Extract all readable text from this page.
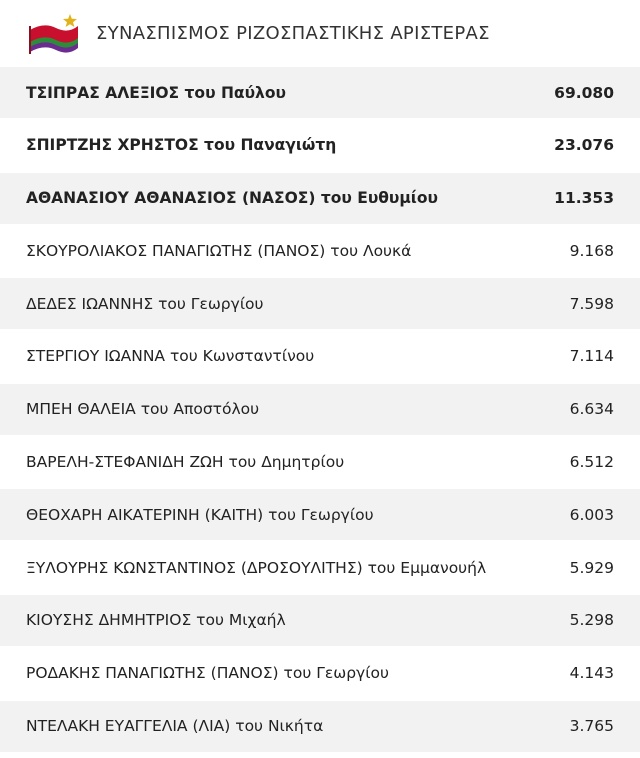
ΣΥΝΑΣΠΙΣΜΟΣ ΡΙΖΟΣΠΑΣΤΙΚΗΣ ΑΡΙΣΤΕΡΑΣ
ΤΣΙΠΡΑΣ ΑΛΕΞΙΟΣ του Παύλου	69.080
ΣΠΙΡΤΖΗΣ ΧΡΗΣΤΟΣ του Παναγιώτη	23.076
ΑΘΑΝΑΣΙΟΥ ΑΘΑΝΑΣΙΟΣ (ΝΑΣΟΣ) του Ευθυμίου	11.353
ΣΚΟΥΡΟΛΙΑΚΟΣ ΠΑΝΑΓΙΩΤΗΣ (ΠΑΝΟΣ) του Λουκά	9.168
ΔΕΔΕΣ ΙΩΑΝΝΗΣ του Γεωργίου	7.598
ΣΤΕΡΓΙΟΥ ΙΩΑΝΝΑ του Κωνσταντίνου	7.114
ΜΠΕΗ ΘΑΛΕΙΑ του Αποστόλου	6.634
ΒΑΡΕΛΗ-ΣΤΕΦΑΝΙΔΗ ΖΩΗ του Δημητρίου	6.512
ΘΕΟΧΑΡΗ ΑΙΚΑΤΕΡΙΝΗ (ΚΑΙΤΗ) του Γεωργίου	6.003
ΞΥΛΟΥΡΗΣ ΚΩΝΣΤΑΝΤΙΝΟΣ (ΔΡΟΣΟΥΛΙΤΗΣ) του Εμμανουήλ	5.929
ΚΙΟΥΣΗΣ ΔΗΜΗΤΡΙΟΣ του Μιχαήλ	5.298
ΡΟΔΑΚΗΣ ΠΑΝΑΓΙΩΤΗΣ (ΠΑΝΟΣ) του Γεωργίου	4.143
ΝΤΕΛΑΚΗ ΕΥΑΓΓΕΛΙΑ (ΛΙΑ) του Νικήτα	3.765
